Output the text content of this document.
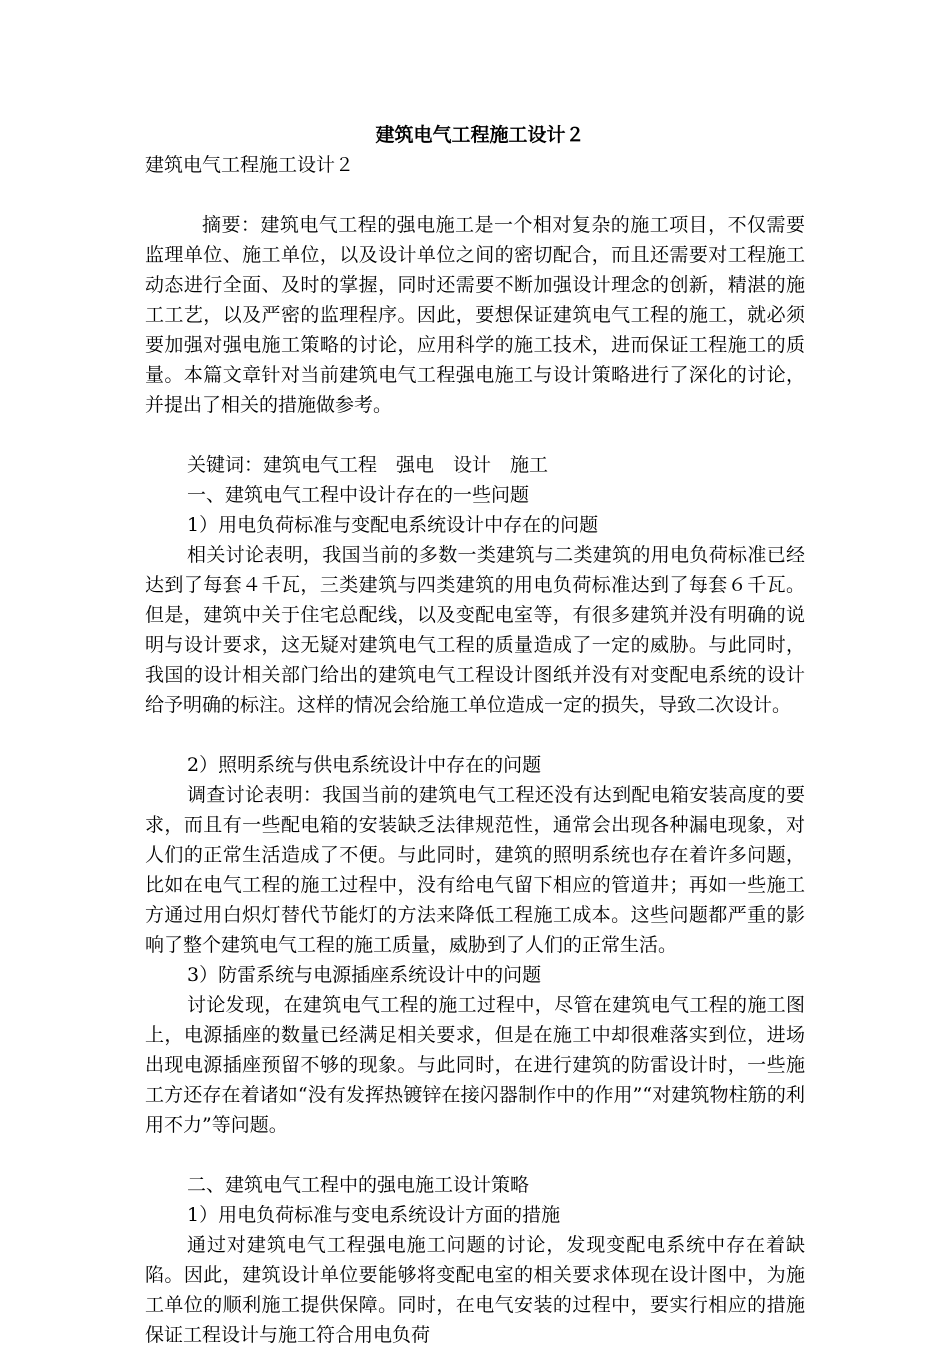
建筑电气工程施工设计２

建筑电气工程施工设计２

摘要：建筑电气工程的强电施工是一个相对复杂的施工项目，不仅需要监理单位、施工单位，以及设计单位之间的密切配合，而且还需要对工程施工动态进行全面、及时的掌握，同时还需要不断加强设计理念的创新，精湛的施工工艺，以及严密的监理程序。因此，要想保证建筑电气工程的施工，就必须要加强对强电施工策略的讨论，应用科学的施工技术，进而保证工程施工的质量。本篇文章针对当前建筑电气工程强电施工与设计策略进行了深化的讨论，并提出了相关的措施做参考。

关键词：建筑电气工程　强电　设计　施工

一、建筑电气工程中设计存在的一些问题

1）用电负荷标准与变配电系统设计中存在的问题

相关讨论表明，我国当前的多数一类建筑与二类建筑的用电负荷标准已经达到了每套４千瓦，三类建筑与四类建筑的用电负荷标准达到了每套６千瓦。但是，建筑中关于住宅总配线，以及变配电室等，有很多建筑并没有明确的说明与设计要求，这无疑对建筑电气工程的质量造成了一定的威胁。与此同时，我国的设计相关部门给出的建筑电气工程设计图纸并没有对变配电系统的设计给予明确的标注。这样的情况会给施工单位造成一定的损失，导致二次设计。

2）照明系统与供电系统设计中存在的问题

调查讨论表明：我国当前的建筑电气工程还没有达到配电箱安装高度的要求，而且有一些配电箱的安装缺乏法律规范性，通常会出现各种漏电现象，对人们的正常生活造成了不便。与此同时，建筑的照明系统也存在着许多问题，比如在电气工程的施工过程中，没有给电气留下相应的管道井；再如一些施工方通过用白炽灯替代节能灯的方法来降低工程施工成本。这些问题都严重的影响了整个建筑电气工程的施工质量，威胁到了人们的正常生活。

3）防雷系统与电源插座系统设计中的问题

讨论发现，在建筑电气工程的施工过程中，尽管在建筑电气工程的施工图上，电源插座的数量已经满足相关要求，但是在施工中却很难落实到位，进场出现电源插座预留不够的现象。与此同时，在进行建筑的防雷设计时，一些施工方还存在着诸如“没有发挥热镀锌在接闪器制作中的作用”“对建筑物柱筋的利用不力”等问题。

二、建筑电气工程中的强电施工设计策略

1）用电负荷标准与变电系统设计方面的措施

通过对建筑电气工程强电施工问题的讨论，发现变配电系统中存在着缺陷。因此，建筑设计单位要能够将变配电室的相关要求体现在设计图中，为施工单位的顺利施工提供保障。同时，在电气安装的过程中，要实行相应的措施保证工程设计与施工符合用电负荷
